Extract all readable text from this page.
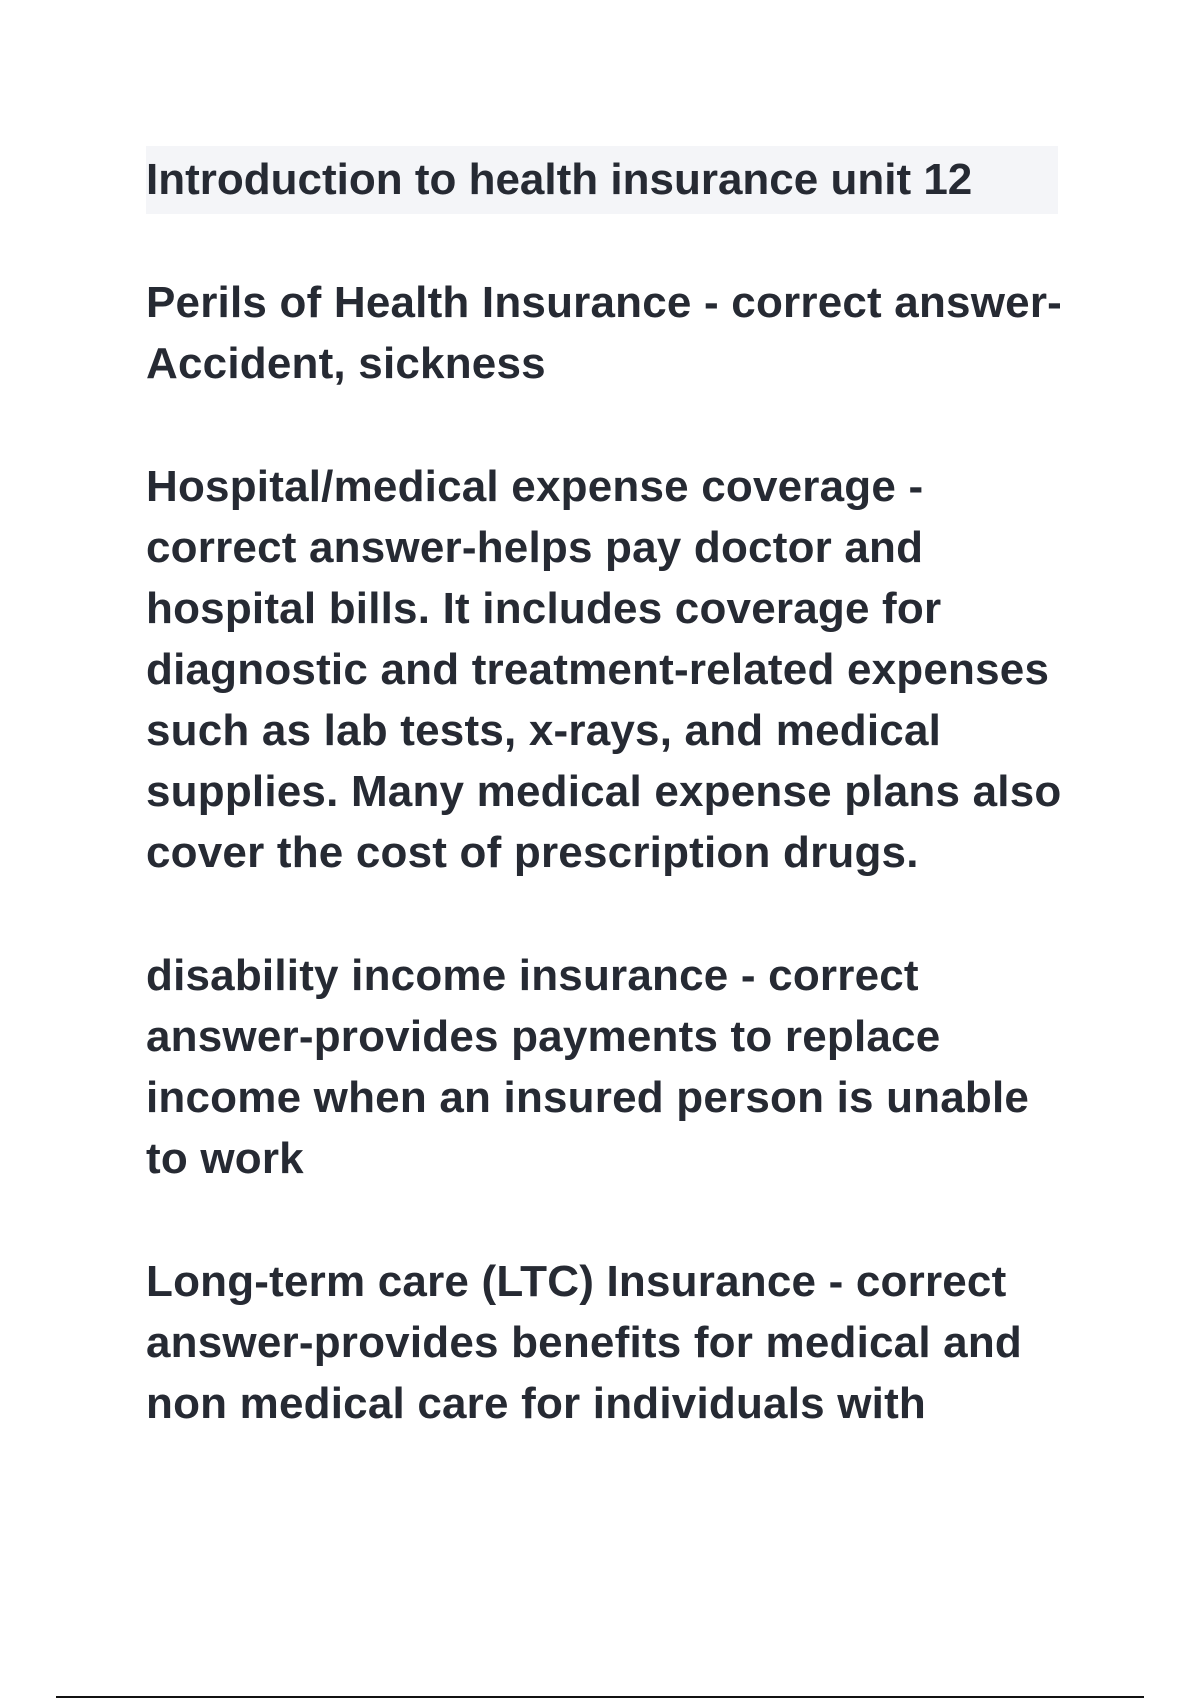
Introduction to health insurance unit 12

Perils of Health Insurance - correct answer-Accident, sickness

Hospital/medical expense coverage - correct answer-helps pay doctor and hospital bills. It includes coverage for diagnostic and treatment-related expenses such as lab tests, x-rays, and medical supplies. Many medical expense plans also cover the cost of prescription drugs.

disability income insurance - correct answer-provides payments to replace income when an insured person is unable to work

Long-term care (LTC) Insurance - correct answer-provides benefits for medical and non medical care for individuals with
